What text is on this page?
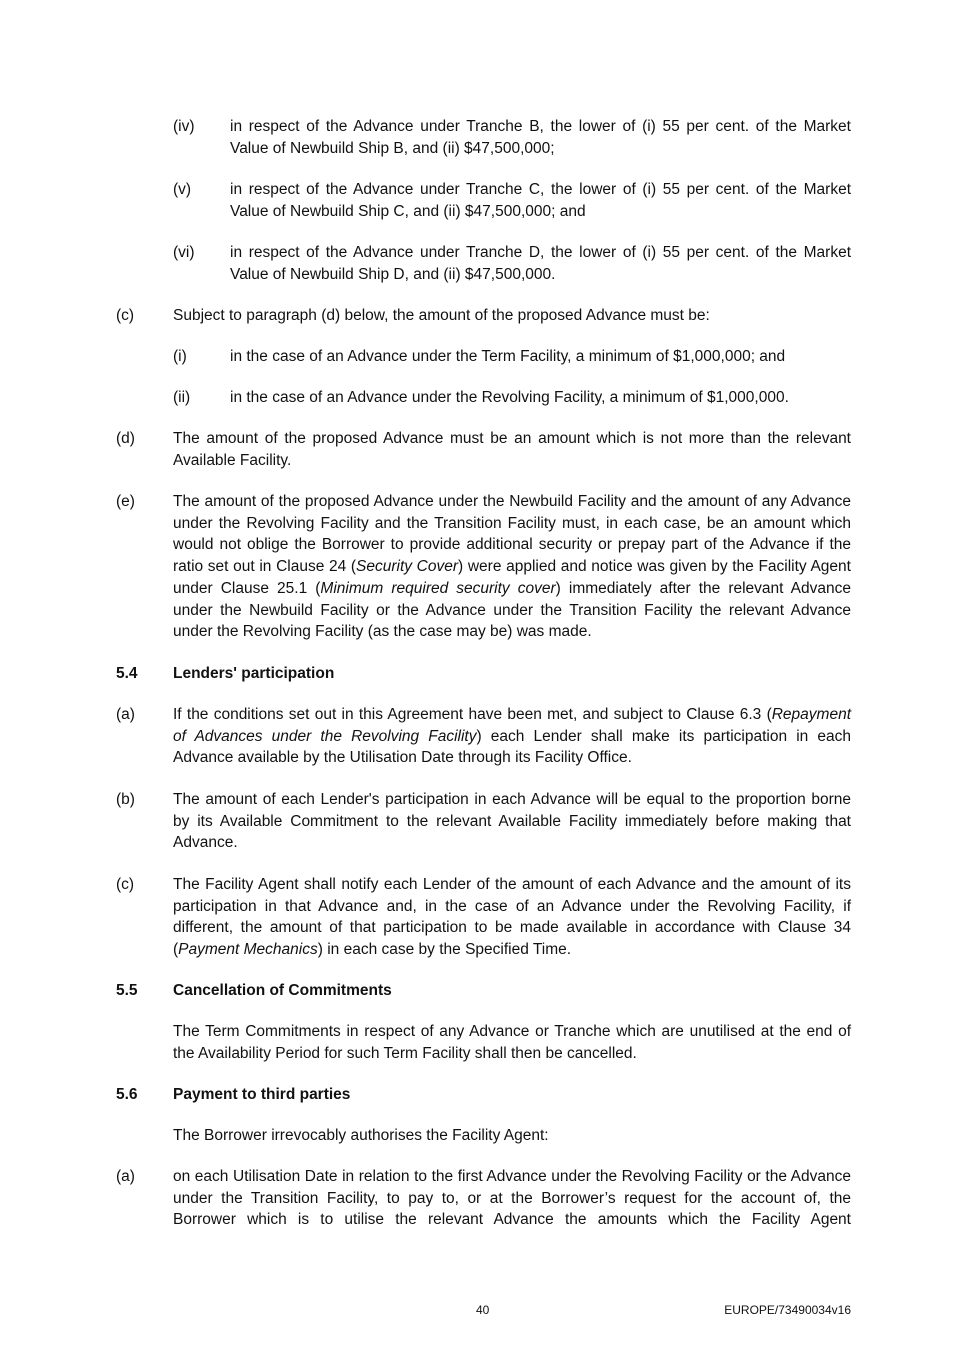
(iv) in respect of the Advance under Tranche B, the lower of (i) 55 per cent. of the Market Value of Newbuild Ship B, and (ii) $47,500,000;
(v)	in respect of the Advance under Tranche C, the lower of (i) 55 per cent. of the Market Value of Newbuild Ship C, and (ii) $47,500,000; and
(vi) in respect of the Advance under Tranche D, the lower of (i) 55 per cent. of the Market Value of Newbuild Ship D, and (ii) $47,500,000.
(c)	Subject to paragraph (d) below, the amount of the proposed Advance must be:
(i)	in the case of an Advance under the Term Facility, a minimum of $1,000,000; and
(ii)	in the case of an Advance under the Revolving Facility, a minimum of $1,000,000.
(d) The amount of the proposed Advance must be an amount which is not more than the relevant Available Facility.
(e) The amount of the proposed Advance under the Newbuild Facility and the amount of any Advance under the Revolving Facility and the Transition Facility must, in each case, be an amount which would not oblige the Borrower to provide additional security or prepay part of the Advance if the ratio set out in Clause 24 (Security Cover) were applied and notice was given by the Facility Agent under Clause 25.1 (Minimum required security cover) immediately after the relevant Advance under the Newbuild Facility or the Advance under the Transition Facility the relevant Advance under the Revolving Facility (as the case may be) was made.
5.4 Lenders' participation
(a) If the conditions set out in this Agreement have been met, and subject to Clause 6.3 (Repayment of Advances under the Revolving Facility) each Lender shall make its participation in each Advance available by the Utilisation Date through its Facility Office.
(b) The amount of each Lender's participation in each Advance will be equal to the proportion borne by its Available Commitment to the relevant Available Facility immediately before making that Advance.
(c)	The Facility Agent shall notify each Lender of the amount of each Advance and the amount of its participation in that Advance and, in the case of an Advance under the Revolving Facility, if different, the amount of that participation to be made available in accordance with Clause 34 (Payment Mechanics) in each case by the Specified Time.
5.5 Cancellation of Commitments
The Term Commitments in respect of any Advance or Tranche which are unutilised at the end of the Availability Period for such Term Facility shall then be cancelled.
5.6 Payment to third parties
The Borrower irrevocably authorises the Facility Agent:
(a) on each Utilisation Date in relation to the first Advance under the Revolving Facility or the Advance under the Transition Facility, to pay to, or at the Borrower’s request for the account of, the Borrower which is to utilise the relevant Advance the amounts which the Facility Agent
40	EUROPE/73490034v16
